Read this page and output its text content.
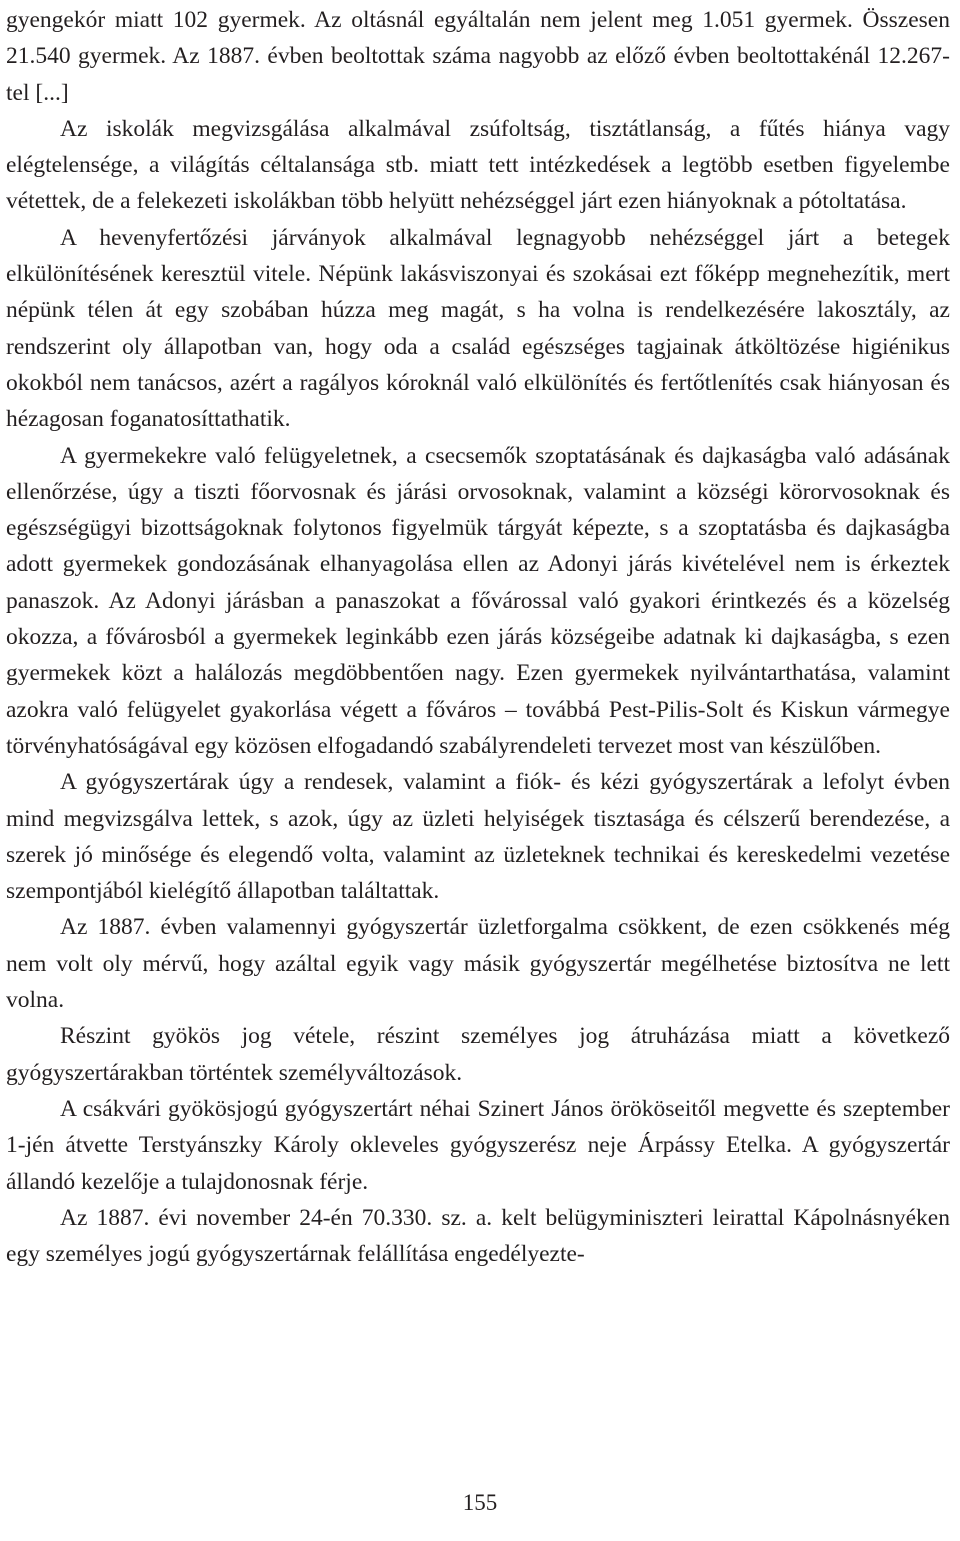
gyengekór miatt 102 gyermek. Az oltásnál egyáltalán nem jelent meg 1.051 gyermek. Összesen 21.540 gyermek. Az 1887. évben beoltottak száma nagyobb az előző évben beoltottakénál 12.267-tel [...]

Az iskolák megvizsgálása alkalmával zsúfoltság, tisztátlanság, a fűtés hiánya vagy elégtelensége, a világítás céltalansága stb. miatt tett intézkedések a legtöbb esetben figyelembe vétettek, de a felekezeti iskolákban több helyütt nehézséggel járt ezen hiányoknak a pótoltatása.

A hevenyfertőzési járványok alkalmával legnagyobb nehézséggel járt a betegek elkülönítésének keresztül vitele. Népünk lakásviszonyai és szokásai ezt főképp megnehezítik, mert népünk télen át egy szobában húzza meg magát, s ha volna is rendelkezésére lakosztály, az rendszerint oly állapotban van, hogy oda a család egészséges tagjainak átköltözése higiénikus okokból nem tanácsos, azért a ragályos kóroknál való elkülönítés és fertőtlenítés csak hiányosan és hézagosan foganatosíttathatik.

A gyermekekre való felügyeletnek, a csecsemők szoptatásának és dajkaságba való adásának ellenőrzése, úgy a tiszti főorvosnak és járási orvosoknak, valamint a községi körorvosoknak és egészségügyi bizottságoknak folytonos figyelmük tárgyát képezte, s a szoptatásba és dajkaságba adott gyermekek gondozásának elhanyagolása ellen az Adonyi járás kivételével nem is érkeztek panaszok. Az Adonyi járásban a panaszokat a fővárossal való gyakori érintkezés és a közelség okozza, a fővárosból a gyermekek leginkább ezen járás községeibe adatnak ki dajkaságba, s ezen gyermekek közt a halálozás megdöbbentően nagy. Ezen gyermekek nyilvántarthatása, valamint azokra való felügyelet gyakorlása végett a főváros – továbbá Pest-Pilis-Solt és Kiskun vármegye törvényhatóságával egy közösen elfogadandó szabályrendeleti tervezet most van készülőben.

A gyógyszertárak úgy a rendesek, valamint a fiók- és kézi gyógyszertárak a lefolyt évben mind megvizsgálva lettek, s azok, úgy az üzleti helyiségek tisztasága és célszerű berendezése, a szerek jó minősége és elegendő volta, valamint az üzleteknek technikai és kereskedelmi vezetése szempontjából kielégítő állapotban találtattak.

Az 1887. évben valamennyi gyógyszertár üzletforgalma csökkent, de ezen csökkenés még nem volt oly mérvű, hogy azáltal egyik vagy másik gyógyszertár megélhetése biztosítva ne lett volna.

Részint gyökös jog vétele, részint személyes jog átruházása miatt a következő gyógyszertárakban történtek személyváltozások.

A csákvári gyökösjogú gyógyszertárt néhai Szinert János örököseitől megvette és szeptember 1-jén átvette Terstyánszky Károly okleveles gyógyszerész neje Árpássy Etelka. A gyógyszertár állandó kezelője a tulajdonosnak férje.

Az 1887. évi november 24-én 70.330. sz. a. kelt belügyminiszteri leirattal Kápolnásnyéken egy személyes jogú gyógyszertárnak felállítása engedélyezte-

155
